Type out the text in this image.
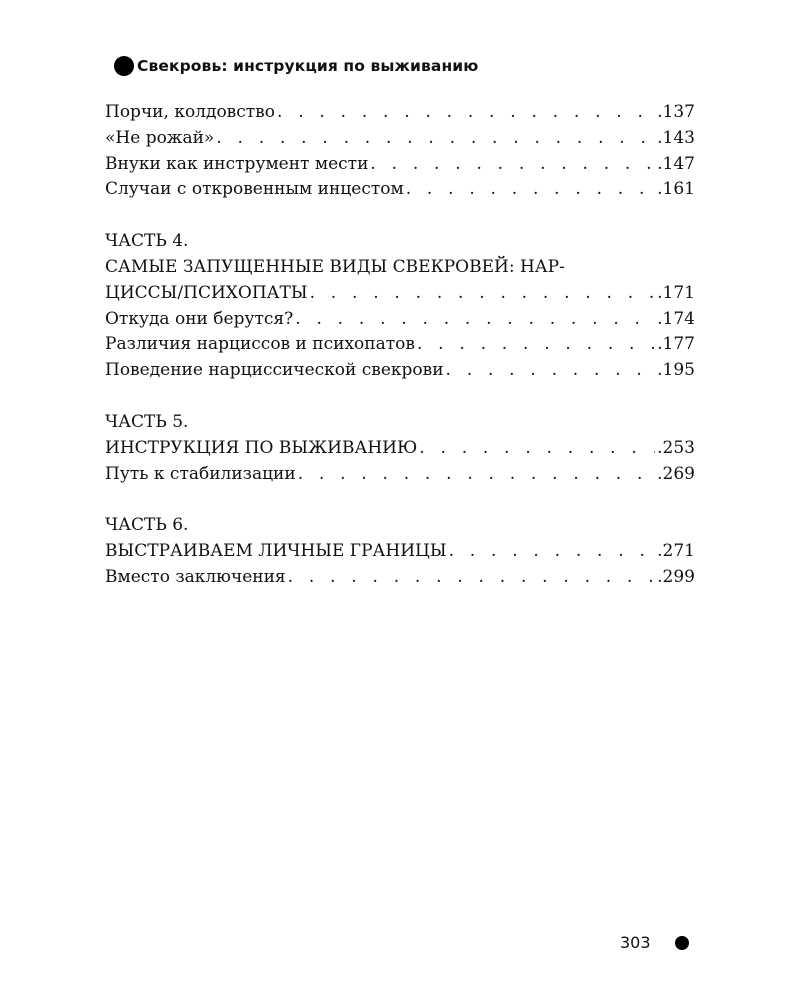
Свекровь: инструкция по выживанию
Порчи, колдовство . . .	.137
«Не рожай» . . .	.143
Внуки как инструмент мести . . .	.147
Случаи с откровенным инцестом . . .	.161
ЧАСТЬ 4.
САМЫЕ ЗАПУЩЕННЫЕ ВИДЫ СВЕКРОВЕЙ: НАР-
ЦИССЫ/ПСИХОПАТЫ . . .	.171
Откуда они берутся? . . .	.174
Различия нарциссов и психопатов . . .	.177
Поведение нарциссической свекрови . . .	.195
ЧАСТЬ 5.
ИНСТРУКЦИЯ ПО ВЫЖИВАНИЮ . . .	.253
Путь к стабилизации . . .	.269
ЧАСТЬ 6.
ВЫСТРАИВАЕМ ЛИЧНЫЕ ГРАНИЦЫ . . .	.271
Вместо заключения . . .	.299
303
